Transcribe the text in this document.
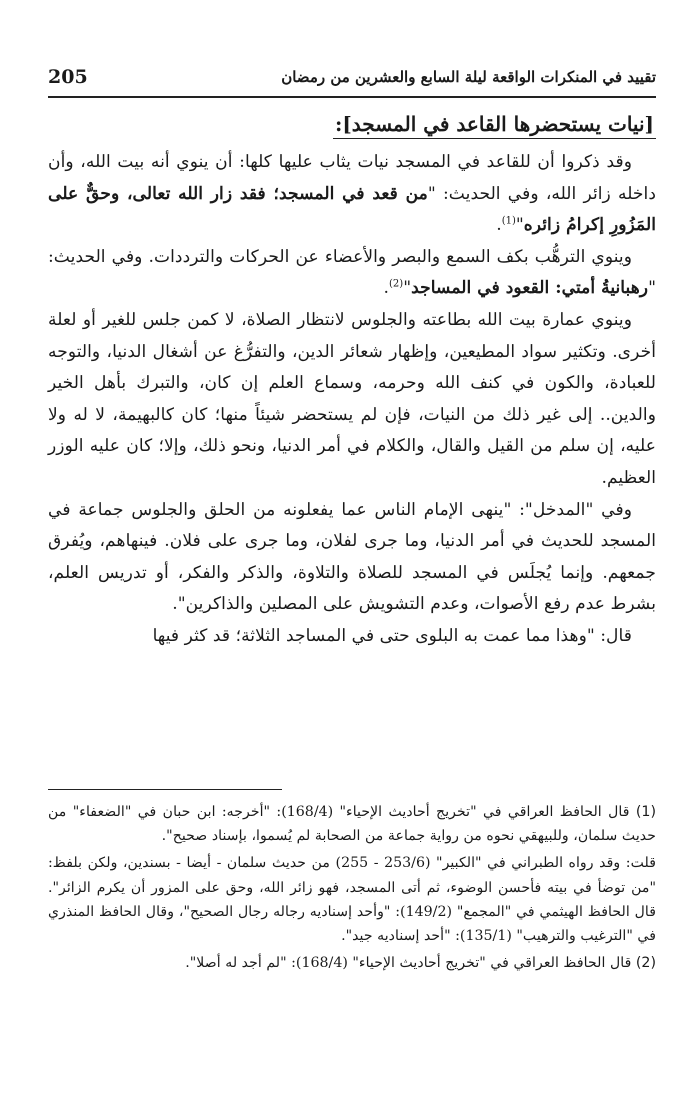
205	تقييد في المنكرات الواقعة ليلة السابع والعشرين من رمضان
[نيات يستحضرها القاعد في المسجد]:

وقد ذكروا أن للقاعد في المسجد نيات يثاب عليها كلها: أن ينوي أنه بيت الله، وأن داخله زائر الله، وفي الحديث: "من قعد في المسجد؛ فقد زار الله تعالى، وحقٌّ على المَزُورِ إكرامُ زائره"$^{(1)}$.

وينوي الترهُّب بكف السمع والبصر والأعضاء عن الحركات والترددات. وفي الحديث: "رهبانيةُ أمتي: القعود في المساجد"$^{(2)}$.

وينوي عمارة بيت الله بطاعته والجلوس لانتظار الصلاة، لا كمن جلس للغير أو لعلة أخرى. وتكثير سواد المطيعين، وإظهار شعائر الدين، والتفرُّغ عن أشغال الدنيا، والتوجه للعبادة، والكون في كنف الله وحرمه، وسماع العلم إن كان، والتبرك بأهل الخير والدين.. إلى غير ذلك من النيات، فإن لم يستحضر شيئاً منها؛ كان كالبهيمة، لا له ولا عليه، إن سلم من القيل والقال، والكلام في أمر الدنيا، ونحو ذلك، وإلا؛ كان عليه الوزر العظيم.

وفي "المدخل": "ينهى الإمام الناس عما يفعلونه من الحلق والجلوس جماعة في المسجد للحديث في أمر الدنيا، وما جرى لفلان، وما جرى على فلان. فينهاهم، ويُفرق جمعهم. وإنما يُجلَس في المسجد للصلاة والتلاوة، والذكر والفكر، أو تدريس العلم، بشرط عدم رفع الأصوات، وعدم التشويش على المصلين والذاكرين".

قال: "وهذا مما عمت به البلوى حتى في المساجد الثلاثة؛ قد كثر فيها

(1) قال الحافظ العراقي في "تخريج أحاديث الإحياء" (168/4): "أخرجه: ابن حبان في "الضعفاء" من حديث سلمان، وللبيهقي نحوه من رواية جماعة من الصحابة لم يُسموا، بإسناد صحيح".

قلت: وقد رواه الطبراني في "الكبير" (253/6 - 255) من حديث سلمان - أيضا - بسندين، ولكن بلفظ: "من توضأ في بيته فأحسن الوضوء، ثم أتى المسجد، فهو زائر الله، وحق على المزور أن يكرم الزائر". قال الحافظ الهيثمي في "المجمع" (149/2): "وأحد إسناديه رجاله رجال الصحيح"، وقال الحافظ المنذري في "الترغيب والترهيب" (135/1): "أحد إسناديه جيد".

(2) قال الحافظ العراقي في "تخريج أحاديث الإحياء" (168/4): "لم أجد له أصلا".
